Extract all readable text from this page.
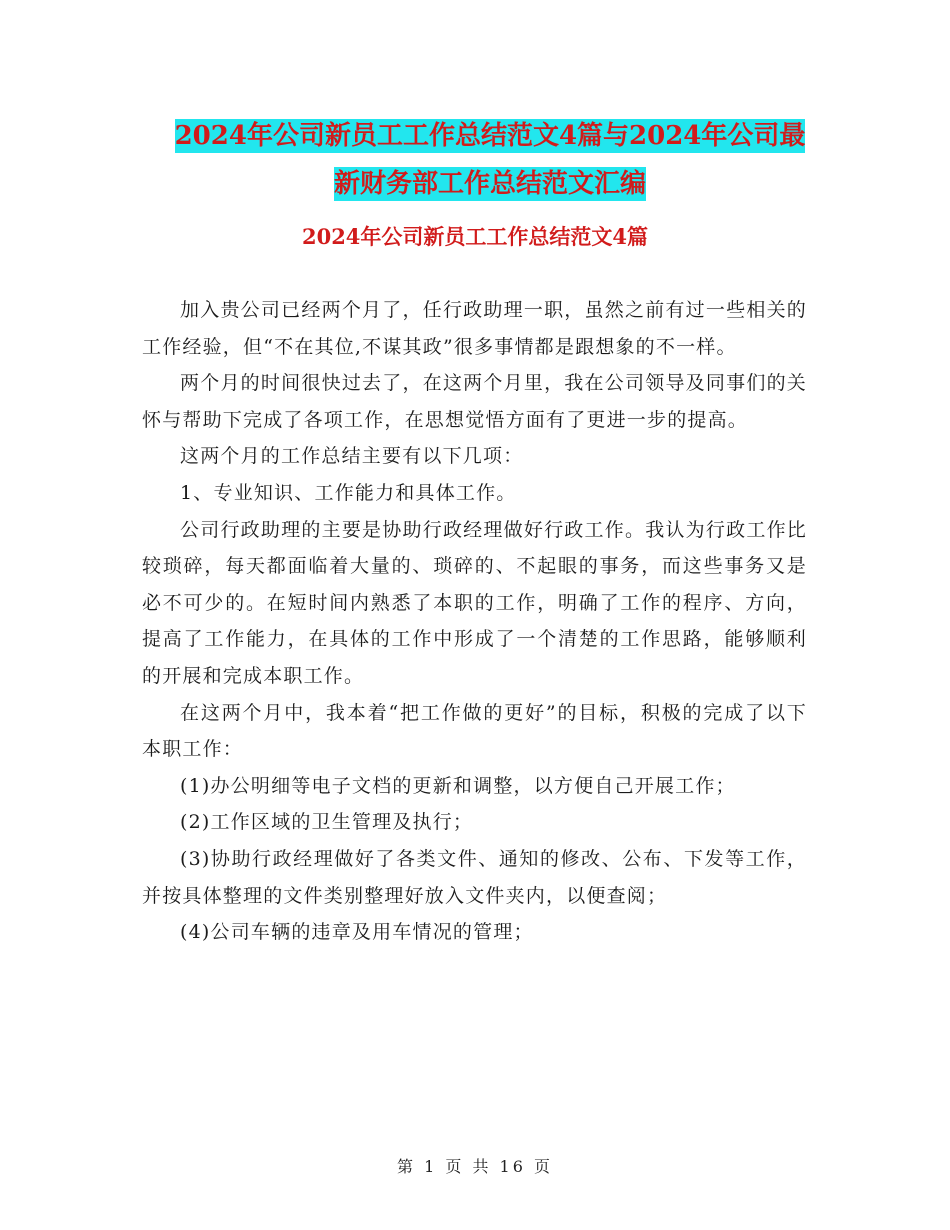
2024年公司新员工工作总结范文4篇与2024年公司最
新财务部工作总结范文汇编
2024年公司新员工工作总结范文4篇

加入贵公司已经两个月了，任行政助理一职，虽然之前有过一些相关的工作经验，但“不在其位,不谋其政”很多事情都是跟想象的不一样。

两个月的时间很快过去了，在这两个月里，我在公司领导及同事们的关怀与帮助下完成了各项工作，在思想觉悟方面有了更进一步的提高。

这两个月的工作总结主要有以下几项：

1、专业知识、工作能力和具体工作。

公司行政助理的主要是协助行政经理做好行政工作。我认为行政工作比较琐碎，每天都面临着大量的、琐碎的、不起眼的事务，而这些事务又是必不可少的。在短时间内熟悉了本职的工作，明确了工作的程序、方向，提高了工作能力，在具体的工作中形成了一个清楚的工作思路，能够顺利的开展和完成本职工作。

在这两个月中，我本着“把工作做的更好”的目标，积极的完成了以下本职工作：

(1)办公明细等电子文档的更新和调整，以方便自己开展工作；

(2)工作区域的卫生管理及执行；

(3)协助行政经理做好了各类文件、通知的修改、公布、下发等工作，并按具体整理的文件类别整理好放入文件夹内，以便查阅；

(4)公司车辆的违章及用车情况的管理；

第 1 页 共 16 页
